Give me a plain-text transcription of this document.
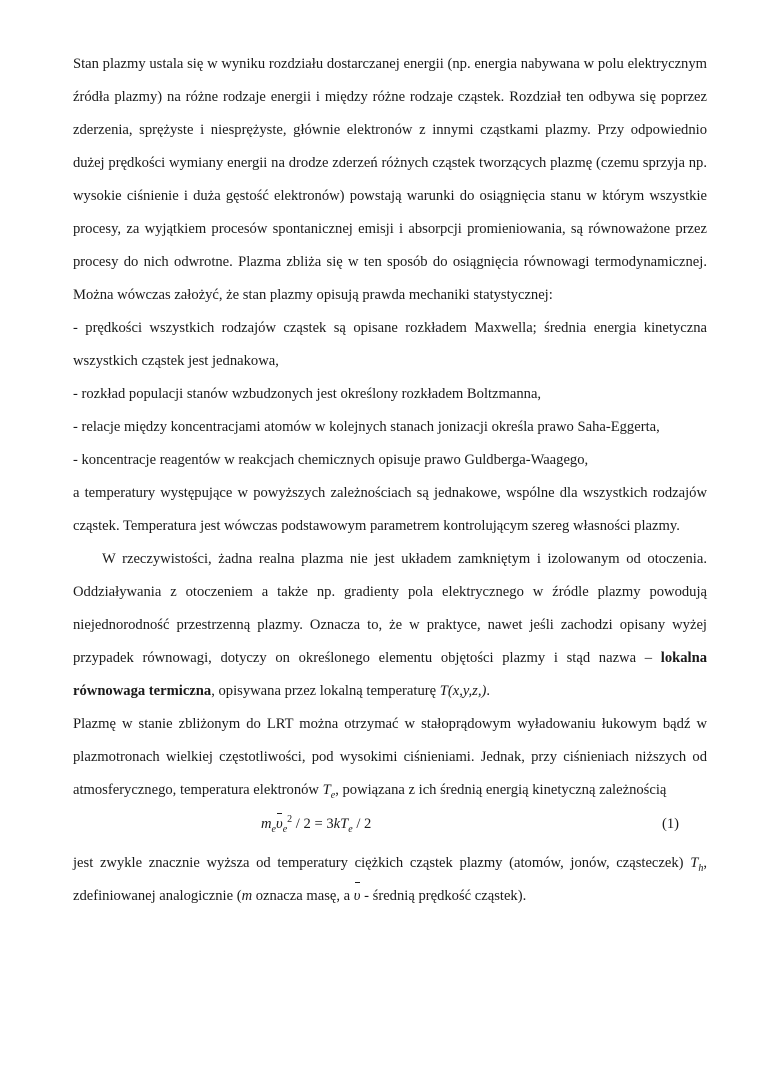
Stan plazmy ustala się w wyniku rozdziału dostarczanej energii (np. energia nabywana w polu elektrycznym źródła plazmy) na różne rodzaje energii i między różne rodzaje cząstek. Rozdział ten odbywa się poprzez zderzenia, sprężyste i niesprężyste, głównie elektronów z innymi cząstkami plazmy. Przy odpowiednio dużej prędkości wymiany energii na drodze zderzeń różnych cząstek tworzących plazmę (czemu sprzyja np. wysokie ciśnienie i duża gęstość elektronów) powstają warunki do osiągnięcia stanu w którym wszystkie procesy, za wyjątkiem procesów spontanicznej emisji i absorpcji promieniowania, są równoważone przez procesy do nich odwrotne. Plazma zbliża się w ten sposób do osiągnięcia równowagi termodynamicznej. Można wówczas założyć, że stan plazmy opisują prawda mechaniki statystycznej:

- prędkości wszystkich rodzajów cząstek są opisane rozkładem Maxwella; średnia energia kinetyczna wszystkich cząstek jest jednakowa,

- rozkład populacji stanów wzbudzonych jest określony rozkładem Boltzmanna,

- relacje między koncentracjami atomów w kolejnych stanach jonizacji określa prawo Saha-Eggerta,

- koncentracje reagentów w reakcjach chemicznych opisuje prawo Guldberga-Waagego,

a temperatury występujące w powyższych zależnościach są jednakowe, wspólne dla wszystkich rodzajów cząstek. Temperatura jest wówczas podstawowym parametrem kontrolującym szereg własności plazmy.

W rzeczywistości, żadna realna plazma nie jest układem zamkniętym i izolowanym od otoczenia. Oddziaływania z otoczeniem a także np. gradienty pola elektrycznego w źródle plazmy powodują niejednorodność przestrzenną plazmy. Oznacza to, że w praktyce, nawet jeśli zachodzi opisany wyżej przypadek równowagi, dotyczy on określonego elementu objętości plazmy i stąd nazwa – lokalna równowaga termiczna, opisywana przez lokalną temperaturę T(x,y,z,).

Plazmę w stanie zbliżonym do LRT można otrzymać w stałoprądowym wyładowaniu łukowym bądź w plazmotronach wielkiej częstotliwości, pod wysokimi ciśnieniami. Jednak, przy ciśnieniach niższych od atmosferycznego, temperatura elektronów $T_e$, powiązana z ich średnią energią kinetyczną zależnością

$m_e\upsilon_e^2 / 2 = 3kT_e / 2$	(1)

jest zwykle znacznie wyższa od temperatury ciężkich cząstek plazmy (atomów, jonów, cząsteczek) $T_h$, zdefiniowanej analogicznie (m oznacza masę, a υ - średnią prędkość cząstek).
